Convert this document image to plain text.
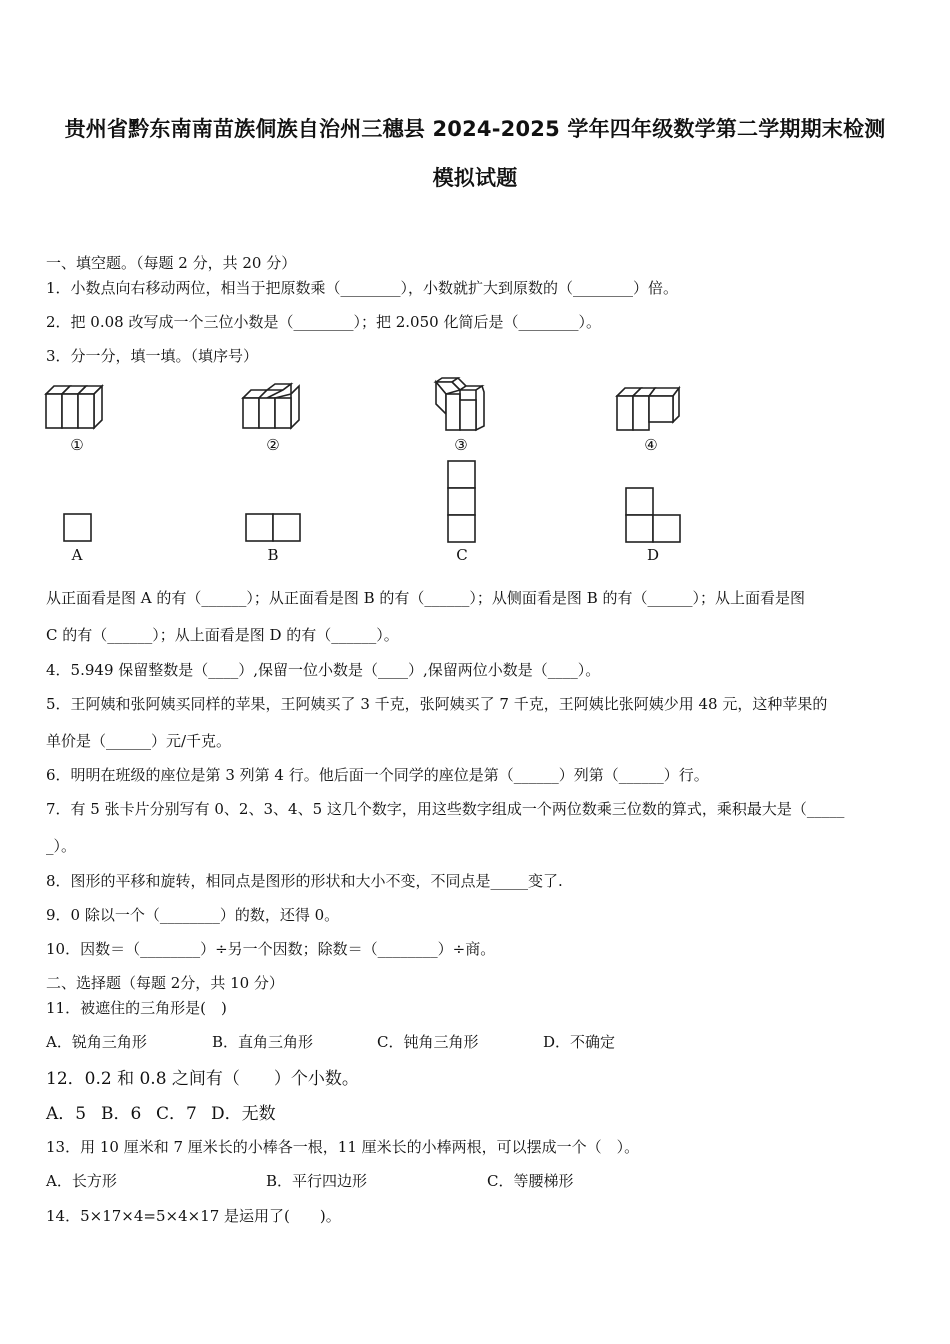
贵州省黔东南南苗族侗族自治州三穗县 2024-2025 学年四年级数学第二学期期末检测
模拟试题
一、填空题。（每题 2 分，共 20 分）
1．小数点向右移动两位，相当于把原数乘（________），小数就扩大到原数的（________）倍。
2．把 0.08 改写成一个三位小数是（________）；把 2.050 化简后是（________）。
3．分一分，填一填。（填序号）
①	②	③	④
A	B	C	D
从正面看是图 A 的有（______）；从正面看是图 B 的有（______）；从侧面看是图 B 的有（______）；从上面看是图
C 的有（______）；从上面看是图 D 的有（______）。
4．5.949 保留整数是（____）,保留一位小数是（____）,保留两位小数是（____）。
5．王阿姨和张阿姨买同样的苹果，王阿姨买了 3 千克，张阿姨买了 7 千克，王阿姨比张阿姨少用 48 元，这种苹果的
单价是（______）元/千克。
6．明明在班级的座位是第 3 列第 4 行。他后面一个同学的座位是第（______）列第（______）行。
7．有 5 张卡片分别写有 0、2、3、4、5 这几个数字，用这些数字组成一个两位数乘三位数的算式，乘积最大是（_____
_）。
8．图形的平移和旋转，相同点是图形的形状和大小不变，不同点是_____变了.
9．0 除以一个（________）的数，还得 0。
10．因数＝（________）÷另一个因数；除数＝（________）÷商。
二、选择题（每题 2分，共 10 分）
11．被遮住的三角形是(　)
A．锐角三角形	B．直角三角形	C．钝角三角形	D．不确定
12．0.2 和 0.8 之间有（　　）个小数。
A．5 B．6 C．7 D．无数
13．用 10 厘米和 7 厘米长的小棒各一根，11 厘米长的小棒两根，可以摆成一个（　）。
A．长方形	B．平行四边形	C．等腰梯形
14．5×17×4=5×4×17 是运用了(　　)。
